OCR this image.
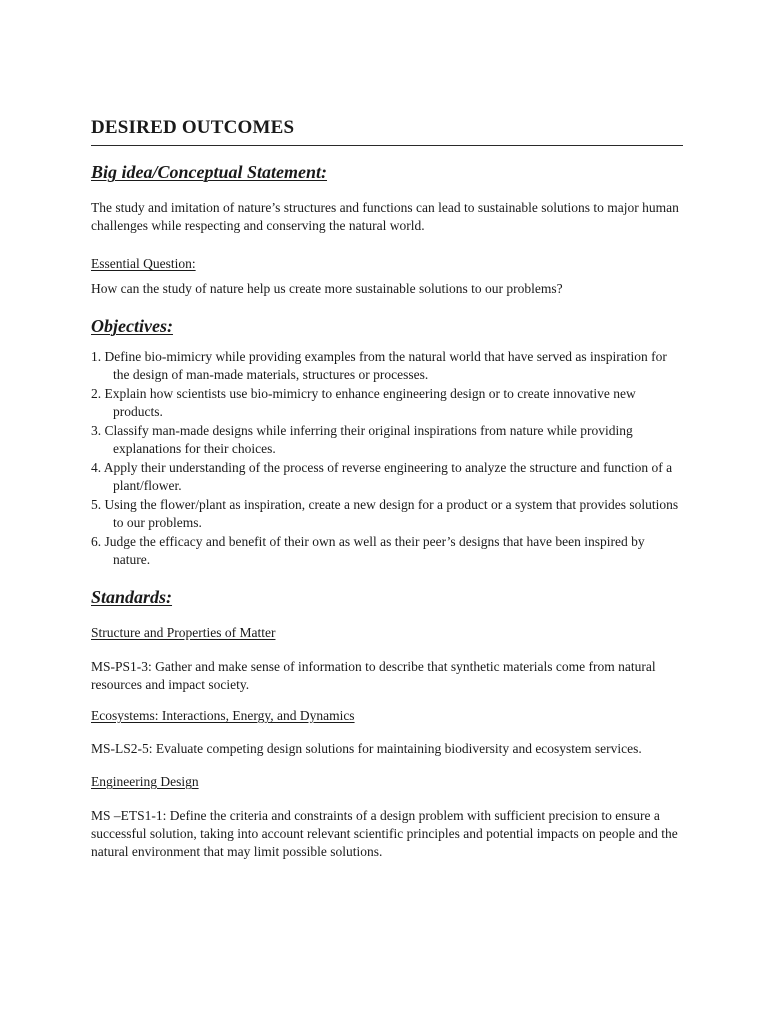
DESIRED OUTCOMES
Big idea/Conceptual Statement:

The study and imitation of nature’s structures and functions can lead to sustainable solutions to major human challenges while respecting and conserving the natural world.

Essential Question:

How can the study of nature help us create more sustainable solutions to our problems?

Objectives:
1. Define bio-mimicry while providing examples from the natural world that have served as inspiration for the design of man-made materials, structures or processes.
2. Explain how scientists use bio-mimicry to enhance engineering design or to create innovative new products.
3. Classify man-made designs while inferring their original inspirations from nature while providing explanations for their choices.
4. Apply their understanding of the process of reverse engineering to analyze the structure and function of a plant/flower.
5. Using the flower/plant as inspiration, create a new design for a product or a system that provides solutions to our problems.
6. Judge the efficacy and benefit of their own as well as their peer’s designs that have been inspired by nature.
Standards:

Structure and Properties of Matter

MS-PS1-3: Gather and make sense of information to describe that synthetic materials come from natural resources and impact society.

Ecosystems: Interactions, Energy, and Dynamics

MS-LS2-5: Evaluate competing design solutions for maintaining biodiversity and ecosystem services.

Engineering Design

MS –ETS1-1: Define the criteria and constraints of a design problem with sufficient precision to ensure a successful solution, taking into account relevant scientific principles and potential impacts on people and the natural environment that may limit possible solutions.
